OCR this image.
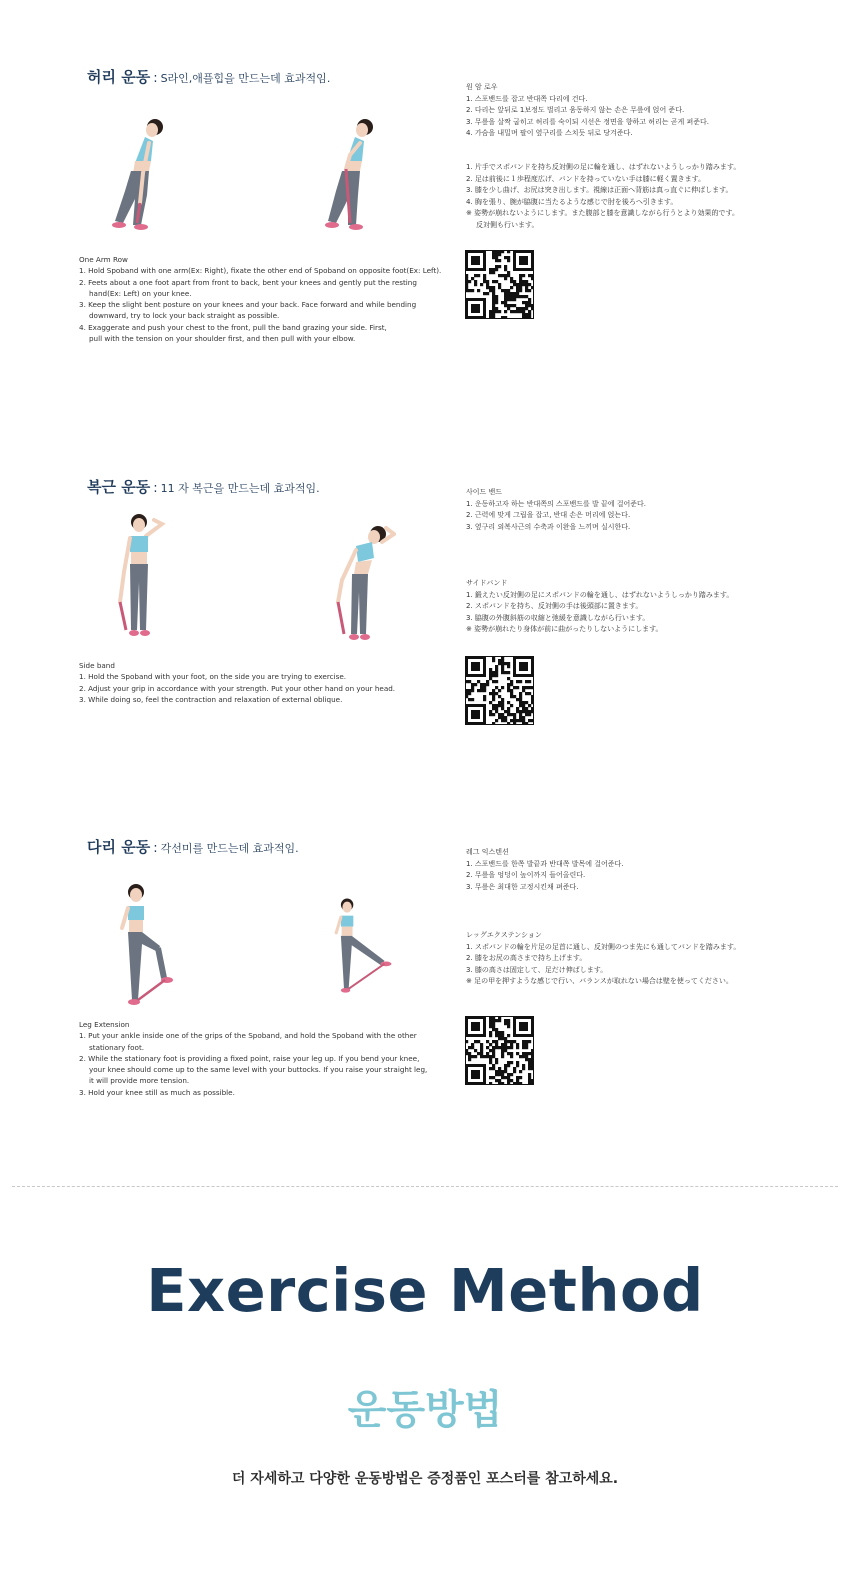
허리 운동 : S라인,애플힙을 만드는데 효과적임.
One Arm Row
1. Hold Spoband with one arm(Ex: Right), fixate the other end of Spoband on opposite foot(Ex: Left).
2. Feets about a one foot apart from front to back, bent your knees and gently put the resting
hand(Ex: Left) on your knee.
3. Keep the slight bent posture on your knees and your back. Face forward and while bending
downward, try to lock your back straight as possible.
4. Exaggerate and push your chest to the front, pull the band grazing your side. First,
pull with the tension on your shoulder first, and then pull with your elbow.
원 암 로우
1. 스포밴드를 잡고 반대쪽 다리에 건다.
2. 다리는 앞뒤로 1보정도 벌리고 움동하지 않는 손은 무릎에 얹어 준다.
3. 무릎을 살짝 굽히고 허리를 숙이되 시선은 정면을 향하고 허리는 곧게 펴준다.
4. 가슴을 내밀며 팔이 옆구리를 스치듯 뒤로 당겨준다.
1. 片手でスポバンドを持ち反対側の足に輪を通し、はずれないようしっかり踏みます。
2. 足は前後に１歩程度広げ、バンドを持っていない手は膝に軽く置きます。
3. 膝を少し曲げ、お尻は突き出します。視線は正面へ背筋は真っ直ぐに伸ばします。
4. 胸を張り、腕が脇腹に当たるような感じで肘を後ろへ引きます。
※ 姿勢が崩れないようにします。また腹部と膝を意識しながら行うとより効果的です。
反対側も行います。
복근 운동 : 11 자 복근을 만드는데 효과적임.
Side band
1. Hold the Spoband with your foot, on the side you are trying to exercise.
2. Adjust your grip in accordance with your strength. Put your other hand on your head.
3. While doing so, feel the contraction and relaxation of external oblique.
사이드 밴드
1. 운동하고자 하는 반대쪽의 스포밴드를 발 끝에 걸어준다.
2. 근력에 맞게 그립을 잡고, 반대 손은 머리에 얹는다.
3. 옆구리 외복사근의 수축과 이완을 느끼며 실시한다.
サイドバンド
1. 鍛えたい反対側の足にスポバンドの輪を通し、はずれないようしっかり踏みます。
2. スポバンドを持ち、反対側の手は後頭部に置きます。
3. 脇腹の外腹斜筋の収縮と弛緩を意識しながら行います。
※ 姿勢が崩れたり身体が前に曲がったりしないようにします。
다리 운동 : 각선미를 만드는데 효과적임.
Leg Extension
1. Put your ankle inside one of the grips of the Spoband, and hold the Spoband with the other
stationary foot.
2. While the stationary foot is providing a fixed point, raise your leg up. If you bend your knee,
your knee should come up to the same level with your buttocks. If you raise your straight leg,
it will provide more tension.
3. Hold your knee still as much as possible.
레그 익스텐션
1. 스포밴드를 한쪽 발끝과 반대쪽 발목에 걸어준다.
2. 무릎을 엉덩이 높이까지 들어올린다.
3. 무릎은 최대한 고정시킨채 펴준다.
レッグエクステンション
1. スポバンドの輪を片足の足首に通し、反対側のつま先にも通してバンドを踏みます。
2. 膝をお尻の高さまで持ち上げます。
3. 膝の高さは固定して、足だけ伸ばします。
※ 足の甲を押すような感じで行い、バランスが取れない場合は壁を使ってください。
Exercise Method
운동방법
더 자세하고 다양한 운동방법은 증정품인 포스터를 참고하세요.
